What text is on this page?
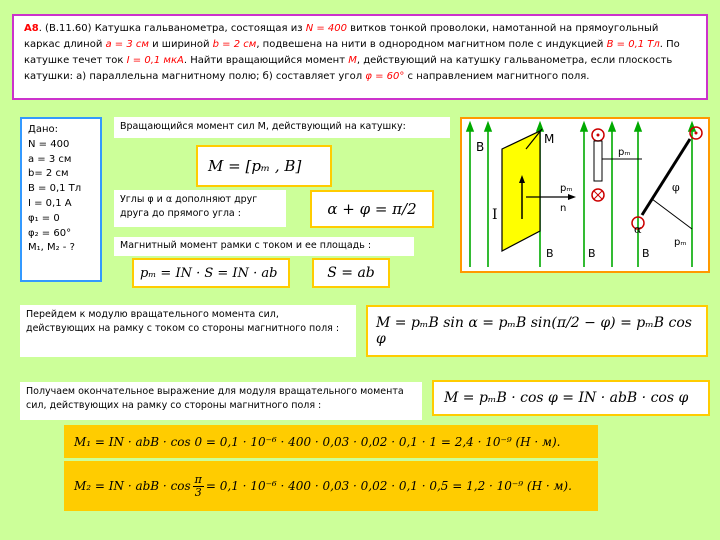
А8. (В.11.60) Катушка гальванометра, состоящая из N = 400 витков тонкой проволоки, намотанной на прямоугольный каркас длиной a = 3 см и шириной b = 2 см, подвешена на нити в однородном магнитном поле с индукцией B = 0,1 Тл. По катушке течет ток I = 0,1 мкА. Найти вращающийся момент M, действующий на катушку гальванометра, если плоскость катушки: а) параллельна магнитному полю; б) составляет угол φ = 60° с направлением магнитного поля.
Дано:
N = 400
a = 3 см
b= 2 см
B = 0,1 Тл
I = 0,1 А
φ₁ = 0
φ₂ = 60°
M₁, M₂ - ?
Вращающийся момент сил М, действующий на катушку:
M = [pₘ , B]
Углы φ и α дополняют друг друга до прямого угла :	α + φ = π/2
Магнитный момент рамки с током и ее площадь :
pₘ = IN · S = IN · ab	S = ab
B
M
I
pₘ
n
B	B
pₘ
B
pₘ
α
φ
Перейдем к модулю вращательного момента сил, действующих на рамку с током со стороны магнитного поля :	M = pₘB sin α = pₘB sin(π/2 − φ) = pₘB cos φ
Получаем окончательное выражение для модуля вращательного момента сил, действующих на рамку со стороны магнитного поля :	M = pₘB · cos φ = IN · abB · cos φ
M₁ = IN · abB · cos 0 = 0,1 · 10⁻⁶ · 400 · 0,03 · 0,02 · 0,1 · 1 = 2,4 · 10⁻⁹ (Н · м).
M₂ = IN · abB · $\cos \frac{\pi}{3} = 0,1 \cdot 10^{-6} \cdot 400 \cdot 0,03 \cdot 0,02 \cdot 0,1 \cdot 0,5 = 1,2 \cdot 10^{-9}$ (Н · м).
